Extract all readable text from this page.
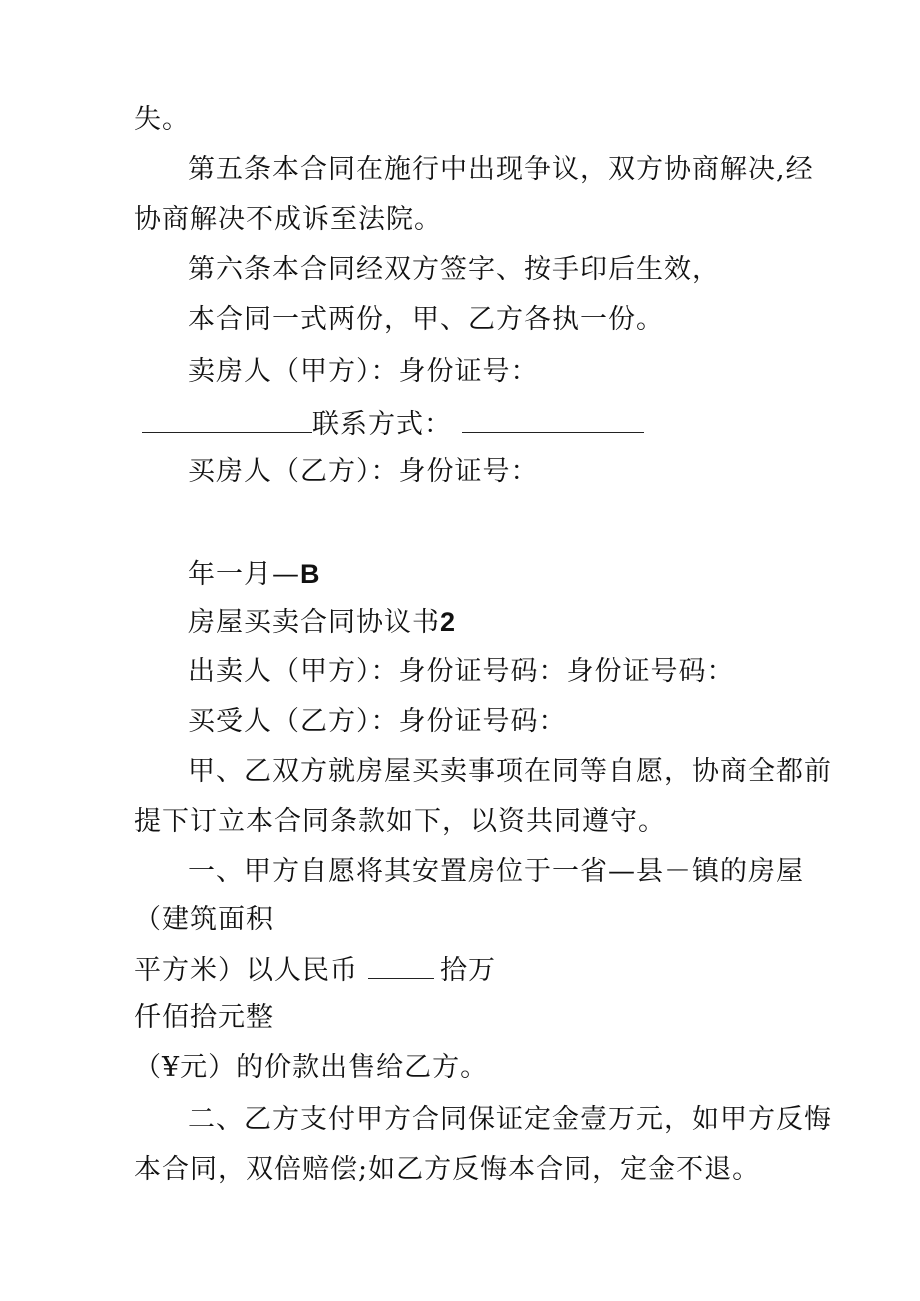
失。
第五条本合同在施行中出现争议，双方协商解决,经
协商解决不成诉至法院。
第六条本合同经双方签字、按手印后生效，
本合同一式两份，甲、乙方各执一份。
卖房人（甲方）：身份证号：
联系方式：
买房人（乙方）：身份证号：
年一月—B
房屋买卖合同协议书2
出卖人（甲方）：身份证号码：身份证号码：
买受人（乙方）：身份证号码：
甲、乙双方就房屋买卖事项在同等自愿，协商全都前
提下订立本合同条款如下，以资共同遵守。
一、甲方自愿将其安置房位于一省—县－镇的房屋
（建筑面积
平方米）以人民币	拾万
仟佰拾元整
（¥元）的价款出售给乙方。
二、乙方支付甲方合同保证定金壹万元，如甲方反悔
本合同，双倍赔偿;如乙方反悔本合同，定金不退。
